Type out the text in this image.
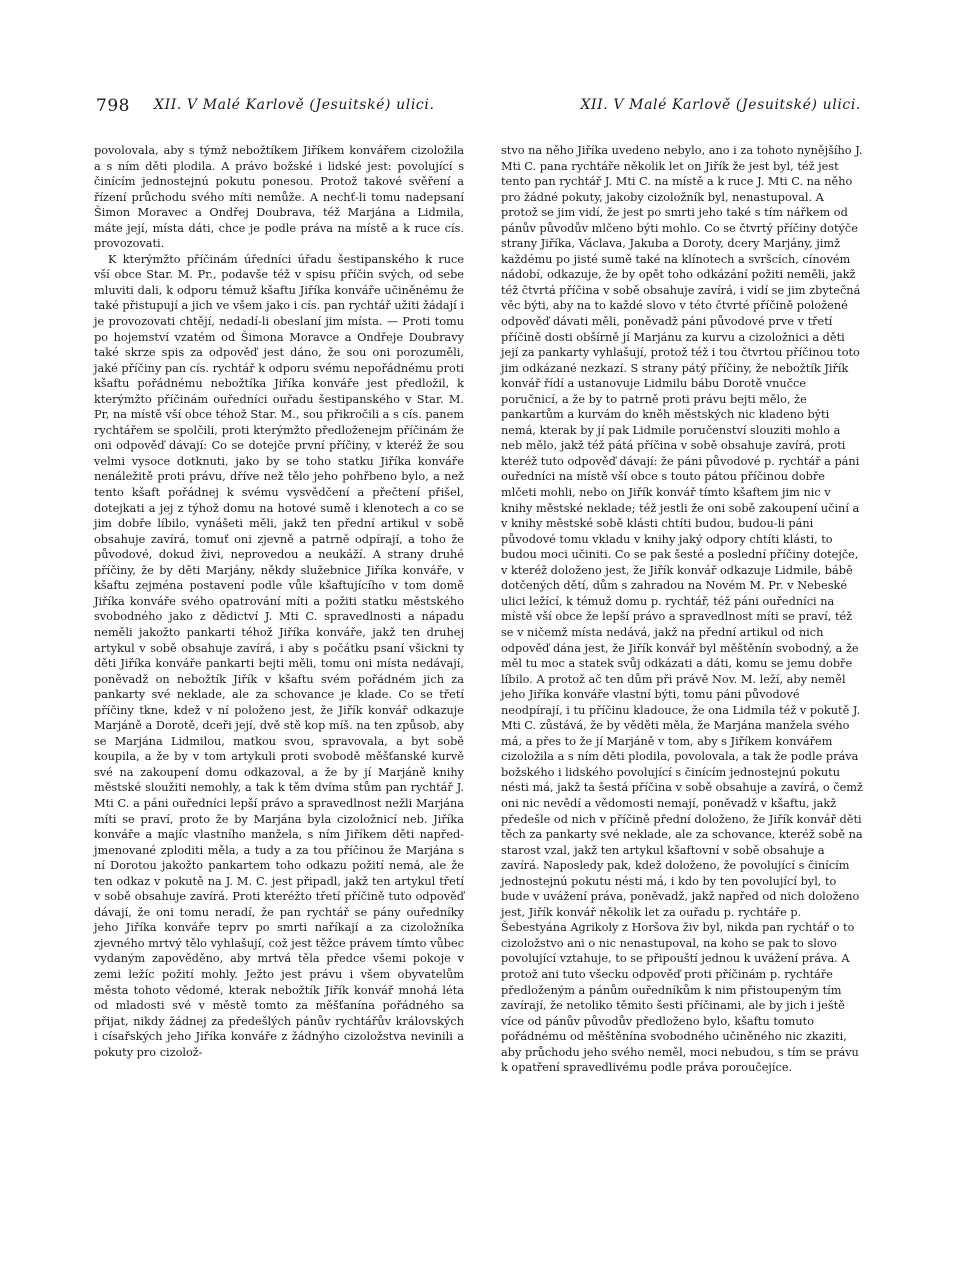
798 XII. V Malé Karlově (Jesuitské) ulici.	XII. V Malé Karlově (Jesuitské) ulici.

povolovala, aby s týmž nebožtíkem Jiříkem konvářem cizoložila a s ním děti plodila. A právo božské i lidské jest: povolující s činícím jednostejnú pokutu ponesou. Protož takové svěření a řízení průchodu svého míti nemůže. A nechť-li tomu nadepsaní Šimon Moravec a Ondřej Doubrava, též Marjána a Lidmila, máte její, místa dáti, chce je podle práva na místě a k ruce cís. provozovati.

K kterýmžto příčinám úředníci úřadu šestipanského k ruce vší obce Star. M. Pr., podavše též v spisu příčin svých, od sebe mluviti dali, k odporu témuž kšaftu Jiříka konváře učiněnému že také přistupují a jich ve všem jako i cís. pan rychtář užiti žádají i je provozovati chtějí, nedadí-li obeslaní jim místa. — Proti tomu po hojemství vzatém od Šimona Moravce a Ondřeje Doubravy také skrze spis za odpověď jest dáno, že sou oni porozuměli, jaké příčiny pan cís. rychtář k odporu svému nepořádnému proti kšaftu pořádnému nebožtíka Jiříka konváře jest předložil, k kterýmžto příčinám ouředníci ouřadu šestipanského v Star. M. Pr, na místě vší obce téhož Star. M., sou přikročili a s cís. panem rychtářem se spolčili, proti kterýmžto předloženejm příčinám že oni odpověď dávají: Co se dotejče první příčiny, v kteréž že sou velmi vysoce dotknuti, jako by se toho statku Jiříka konváře nenáležitě proti právu, dříve než tělo jeho pohřbeno bylo, a než tento kšaft pořádnej k svému vysvědčení a přečtení přišel, dotejkati a jej z týhož domu na hotové sumě i klenotech a co se jim dobře líbilo, vynášeti měli, jakž ten přední artikul v sobě obsahuje zavírá, tomuť oni zjevně a patrně odpírají, a toho že původové, dokud živi, neprovedou a neukáží. A strany druhé příčiny, že by děti Marjány, někdy služebnice Jiříka konváře, v kšaftu zejména postavení podle vůle kšaftujícího v tom domě Jiříka konváře svého opatrování míti a požiti statku městského svobodného jako z dědictví J. Mti C. spravedlnosti a nápadu neměli jakožto pankarti téhož Jiříka konváře, jakž ten druhej artykul v sobě obsahuje zavírá, i aby s počátku psaní všickni ty děti Jiříka konváře pankarti bejti měli, tomu oni místa nedávají, poněvadž on nebožtík Jiřík v kšaftu svém pořádném jich za pankarty své neklade, ale za schovance je klade. Co se třetí příčiny tkne, kdež v ní položeno jest, že Jiřík konvář odkazuje Marjáně a Dorotě, dceři její, dvě stě kop míš. na ten způsob, aby se Marjána Lidmilou, matkou svou, spravovala, a byt sobě koupila, a že by v tom artykuli proti svobodě měšťanské kurvě své na zakoupení domu odkazoval, a že by jí Marjáně knihy městské sloužiti nemohly, a tak k těm dvíma stům pan rychtář J. Mti C. a páni ouředníci lepší právo a spravedlnost nežli Marjána míti se praví, proto že by Marjána byla cizoložnicí neb. Jiříka konváře a majíc vlastního manžela, s ním Jiříkem děti napřed-jmenované zploditi měla, a tudy a za tou příčinou že Marjána s ní Dorotou jakožto pankartem toho odkazu požití nemá, ale že ten odkaz v pokutě na J. M. C. jest připadl, jakž ten artykul třetí v sobě obsahuje zavírá. Proti kteréžto třetí příčině tuto odpověď dávají, že oni tomu neradí, že pan rychtář se pány ouředníky jeho Jiříka konváře teprv po smrti naříkají a za cizoložníka zjevného mrtvý tělo vyhlašují, což jest těžce právem tímto vůbec vydaným zapověděno, aby mrtvá těla předce všemi pokoje v zemi ležíc požití mohly. Ježto jest právu i všem obyvatelům města tohoto vědomé, kterak nebožtík Jiřík konvář mnohá léta od mladosti své v městě tomto za měšťanína pořádného sa přijat, nikdy žádnej za předešlých pánův rychtářův královských i císařských jeho Jiříka konváře z žádnýho cizoložstva nevinili a pokuty pro cizolož-

stvo na něho Jiříka uvedeno nebylo, ano i za tohoto nynějšího J. Mti C. pana rychtáře několik let on Jiřík že jest byl, též jest tento pan rychtář J. Mti C. na místě a k ruce J. Mti C. na něho pro žádné pokuty, jakoby cizoložník byl, nenastupoval. A protož se jim vidí, že jest po smrti jeho také s tím nářkem od pánův původův mlčeno býti mohlo. Co se čtvrtý příčiny dotýče strany Jiříka, Václava, Jakuba a Doroty, dcery Marjány, jimž každému po jisté sumě také na klínotech a svršcích, cínovém nádobí, odkazuje, že by opět toho odkázání požiti neměli, jakž též čtvrtá příčina v sobě obsahuje zavírá, i vidí se jim zbytečná věc býti, aby na to každé slovo v této čtvrté příčině položené odpověď dávati měli, poněvadž páni původové prve v třetí příčině dosti obšírně jí Marjánu za kurvu a cizoložnici a děti její za pankarty vyhlašují, protož též i tou čtvrtou příčinou toto jim odkázané nezkazí. S strany pátý příčiny, že nebožtík Jiřík konvář řídí a ustanovuje Lidmilu bábu Dorotě vnučce poručnicí, a že by to patrně proti právu bejti mělo, že pankartům a kurvám do kněh městských nic kladeno býti nemá, kterak by jí pak Lidmile poručenství slouziti mohlo a neb mělo, jakž též pátá příčina v sobě obsahuje zavírá, proti kteréž tuto odpověď dávají: že páni původové p. rychtář a páni ouředníci na místě vší obce s touto pátou příčinou dobře mlčeti mohli, nebo on Jiřík konvář tímto kšaftem jim nic v knihy městské neklade; též jestli že oni sobě zakoupení učiní a v knihy městské sobě klásti chtíti budou, budou-li páni původové tomu vkladu v knihy jaký odpory chtíti klásti, to budou moci učiniti. Co se pak šesté a poslední příčiny dotejče, v kteréž doloženo jest, že Jiřík konvář odkazuje Lidmile, bábě dotčených dětí, dům s zahradou na Novém M. Pr. v Nebeské ulici ležící, k témuž domu p. rychtář, též páni ouředníci na místě vší obce že lepší právo a spravedlnost míti se praví, též se v ničemž místa nedává, jakž na přední artikul od nich odpověď dána jest, že Jiřík konvář byl měštěnín svobodný, a že měl tu moc a statek svůj odkázati a dáti, komu se jemu dobře líbilo. A protož ač ten dům při právě Nov. M. leží, aby neměl jeho Jiříka konváře vlastní býti, tomu páni původové neodpírají, i tu příčinu kladouce, že ona Lidmila též v pokutě J. Mti C. zůstává, že by věděti měla, že Marjána manžela svého má, a přes to že jí Marjáně v tom, aby s Jiříkem konvářem cizoložila a s ním děti plodila, povolovala, a tak že podle práva božského i lidského povolující s činícím jednostejnú pokutu nésti má, jakž ta šestá příčina v sobě obsahuje a zavírá, o čemž oni nic nevědí a vědomosti nemají, poněvadž v kšaftu, jakž předešle od nich v příčině přední doloženo, že Jiřík konvář děti těch za pankarty své neklade, ale za schovance, kteréž sobě na starost vzal, jakž ten artykul kšaftovní v sobě obsahuje a zavírá. Naposledy pak, kdež doloženo, že povolující s činícím jednostejnú pokutu nésti má, i kdo by ten povolující byl, to bude v uvážení práva, poněvadž, jakž napřed od nich doloženo jest, Jiřík konvář několik let za ouřadu p. rychtáře p. Šebestyána Agrikoly z Horšova živ byl, nikda pan rychtář o to cizoložstvo ani o nic nenastupoval, na koho se pak to slovo povolující vztahuje, to se připouští jednou k uvážení práva. A protož ani tuto všecku odpověď proti příčinám p. rychtáře předloženým a pánům ouředníkům k nim přistoupeným tím zavírají, že netoliko těmito šesti příčinami, ale by jich i ještě více od pánův původův předloženo bylo, kšaftu tomuto pořádnému od měštěnína svobodného učiněného nic zkaziti, aby průchodu jeho svého neměl, moci nebudou, s tím se právu k opatření spravedlivému podle práva poroučejíce.
